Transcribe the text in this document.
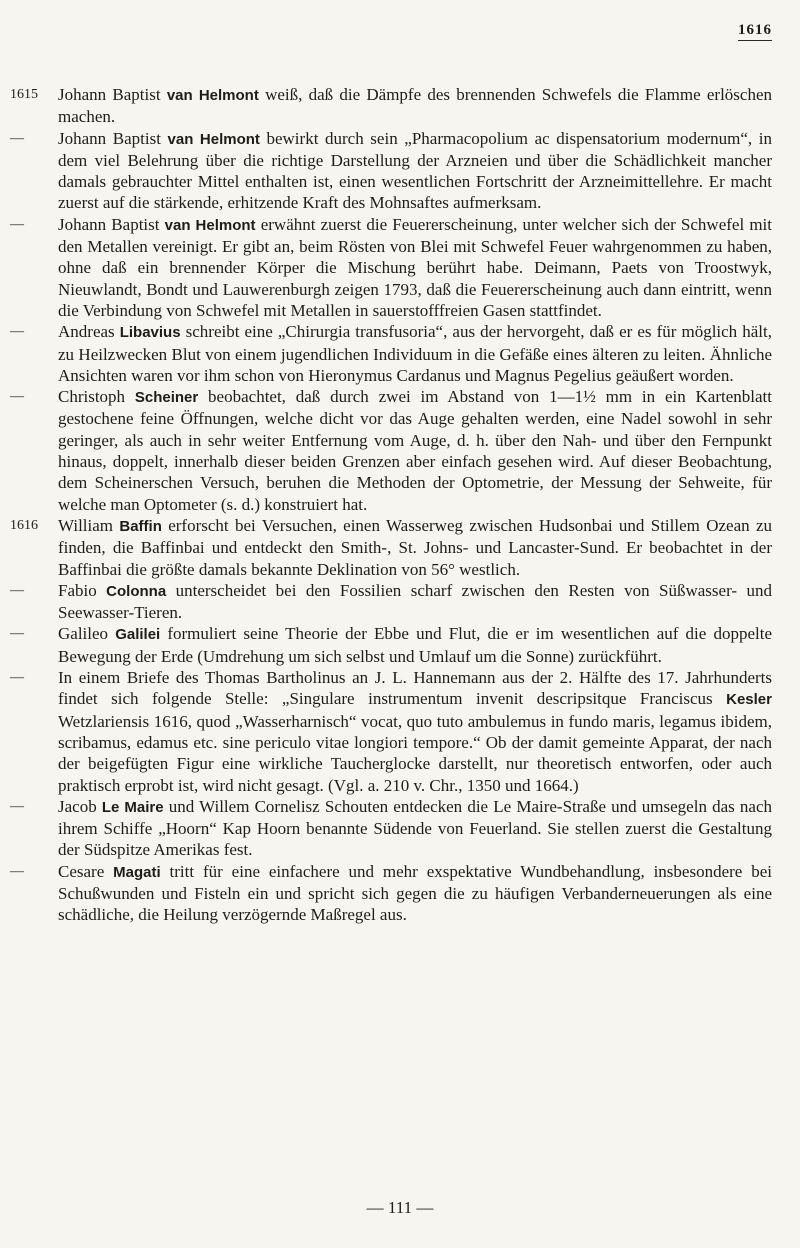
1616
1615	Johann Baptist van Helmont weiß, daß die Dämpfe des brennenden Schwefels die Flamme erlöschen machen.
—	Johann Baptist van Helmont bewirkt durch sein „Pharmacopolium ac dispensatorium modernum“, in dem viel Belehrung über die richtige Darstellung der Arzneien und über die Schädlichkeit mancher damals gebrauchter Mittel enthalten ist, einen wesentlichen Fortschritt der Arzneimittellehre. Er macht zuerst auf die stärkende, erhitzende Kraft des Mohnsaftes aufmerksam.
—	Johann Baptist van Helmont erwähnt zuerst die Feuererscheinung, unter welcher sich der Schwefel mit den Metallen vereinigt. Er gibt an, beim Rösten von Blei mit Schwefel Feuer wahrgenommen zu haben, ohne daß ein brennender Körper die Mischung berührt habe. Deimann, Paets von Troostwyk, Nieuwlandt, Bondt und Lauwerenburgh zeigen 1793, daß die Feuererscheinung auch dann eintritt, wenn die Verbindung von Schwefel mit Metallen in sauerstofffreien Gasen stattfindet.
—	Andreas Libavius schreibt eine „Chirurgia transfusoria“, aus der hervorgeht, daß er es für möglich hält, zu Heilzwecken Blut von einem jugendlichen Individuum in die Gefäße eines älteren zu leiten. Ähnliche Ansichten waren vor ihm schon von Hieronymus Cardanus und Magnus Pegelius geäußert worden.
—	Christoph Scheiner beobachtet, daß durch zwei im Abstand von 1—1½ mm in ein Kartenblatt gestochene feine Öffnungen, welche dicht vor das Auge gehalten werden, eine Nadel sowohl in sehr geringer, als auch in sehr weiter Entfernung vom Auge, d. h. über den Nah- und über den Fernpunkt hinaus, doppelt, innerhalb dieser beiden Grenzen aber einfach gesehen wird. Auf dieser Beobachtung, dem Scheinerschen Versuch, beruhen die Methoden der Optometrie, der Messung der Sehweite, für welche man Optometer (s. d.) konstruiert hat.
1616	William Baffin erforscht bei Versuchen, einen Wasserweg zwischen Hudsonbai und Stillem Ozean zu finden, die Baffinbai und entdeckt den Smith-, St. Johns- und Lancaster-Sund. Er beobachtet in der Baffinbai die größte damals bekannte Deklination von 56° westlich.
—	Fabio Colonna unterscheidet bei den Fossilien scharf zwischen den Resten von Süßwasser- und Seewasser-Tieren.
—	Galileo Galilei formuliert seine Theorie der Ebbe und Flut, die er im wesentlichen auf die doppelte Bewegung der Erde (Umdrehung um sich selbst und Umlauf um die Sonne) zurückführt.
—	In einem Briefe des Thomas Bartholinus an J. L. Hannemann aus der 2. Hälfte des 17. Jahrhunderts findet sich folgende Stelle: „Singulare instrumentum invenit descripsitque Franciscus Kesler Wetzlariensis 1616, quod „Wasserharnisch“ vocat, quo tuto ambulemus in fundo maris, legamus ibidem, scribamus, edamus etc. sine periculo vitae longiori tempore.“ Ob der damit gemeinte Apparat, der nach der beigefügten Figur eine wirkliche Taucherglocke darstellt, nur theoretisch entworfen, oder auch praktisch erprobt ist, wird nicht gesagt. (Vgl. a. 210 v. Chr., 1350 und 1664.)
—	Jacob Le Maire und Willem Cornelisz Schouten entdecken die Le Maire-Straße und umsegeln das nach ihrem Schiffe „Hoorn“ Kap Hoorn benannte Südende von Feuerland. Sie stellen zuerst die Gestaltung der Südspitze Amerikas fest.
—	Cesare Magati tritt für eine einfachere und mehr exspektative Wundbehandlung, insbesondere bei Schußwunden und Fisteln ein und spricht sich gegen die zu häufigen Verbanderneuerungen als eine schädliche, die Heilung verzögernde Maßregel aus.
— 111 —
